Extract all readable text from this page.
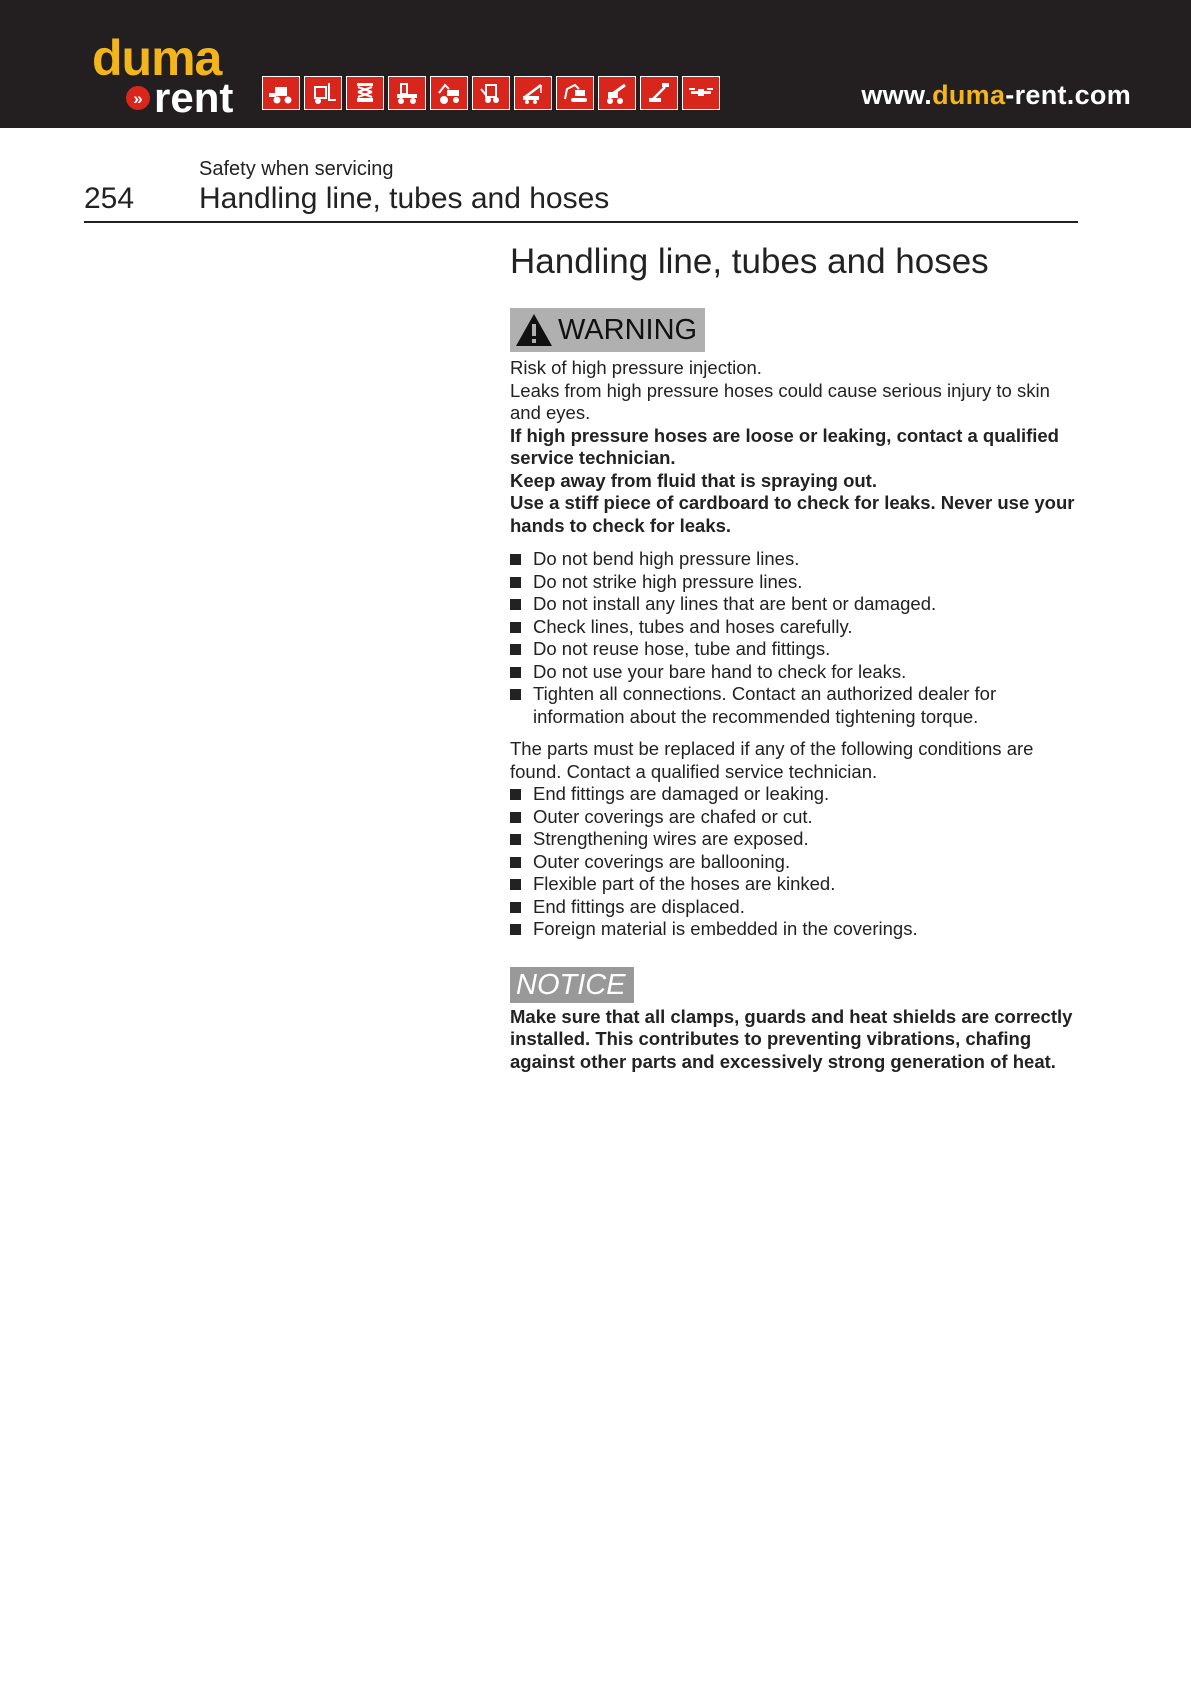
duma
» rent	www.duma-rent.com
Safety when servicing
254 Handling line, tubes and hoses
Handling line, tubes and hoses
WARNING
Risk of high pressure injection.
Leaks from high pressure hoses could cause serious injury to skin and eyes.
If high pressure hoses are loose or leaking, contact a qualified service technician.
Keep away from fluid that is spraying out.
Use a stiff piece of cardboard to check for leaks. Never use your hands to check for leaks.
Do not bend high pressure lines.
Do not strike high pressure lines.
Do not install any lines that are bent or damaged.
Check lines, tubes and hoses carefully.
Do not reuse hose, tube and fittings.
Do not use your bare hand to check for leaks.
Tighten all connections. Contact an authorized dealer for information about the recommended tightening torque.
The parts must be replaced if any of the following conditions are found. Contact a qualified service technician.
End fittings are damaged or leaking.
Outer coverings are chafed or cut.
Strengthening wires are exposed.
Outer coverings are ballooning.
Flexible part of the hoses are kinked.
End fittings are displaced.
Foreign material is embedded in the coverings.
NOTICE
Make sure that all clamps, guards and heat shields are correctly installed. This contributes to preventing vibrations, chafing against other parts and excessively strong generation of heat.
